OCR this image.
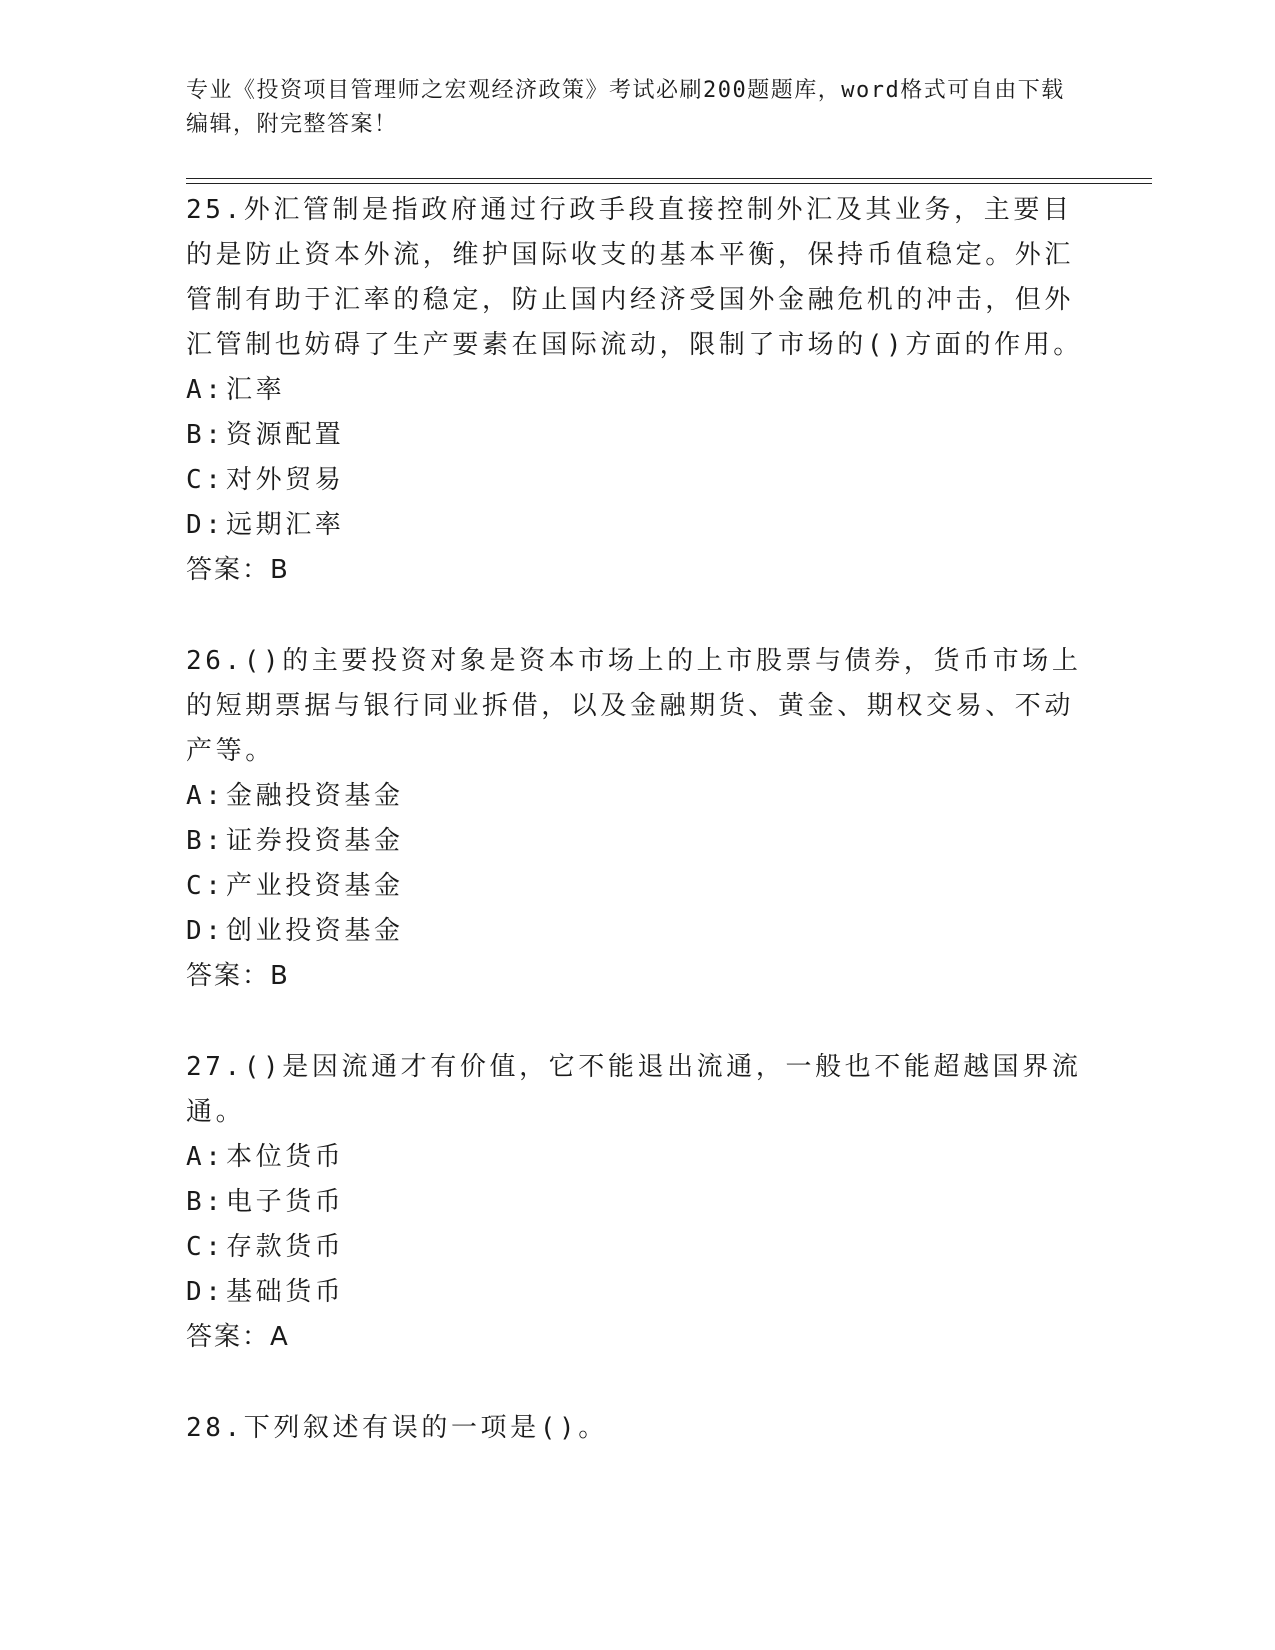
专业《投资项目管理师之宏观经济政策》考试必刷200题题库，word格式可自由下载编辑，附完整答案！

25.外汇管制是指政府通过行政手段直接控制外汇及其业务，主要目的是防止资本外流，维护国际收支的基本平衡，保持币值稳定。外汇管制有助于汇率的稳定，防止国内经济受国外金融危机的冲击，但外汇管制也妨碍了生产要素在国际流动，限制了市场的()方面的作用。

A: 汇率
B: 资源配置
C: 对外贸易
D: 远期汇率
答案：B

26.()的主要投资对象是资本市场上的上市股票与债券，货币市场上的短期票据与银行同业拆借，以及金融期货、黄金、期权交易、不动产等。

A: 金融投资基金
B: 证券投资基金
C: 产业投资基金
D: 创业投资基金
答案：B

27.()是因流通才有价值，它不能退出流通，一般也不能超越国界流通。

A: 本位货币
B: 电子货币
C: 存款货币
D: 基础货币
答案：A

28.下列叙述有误的一项是()。
